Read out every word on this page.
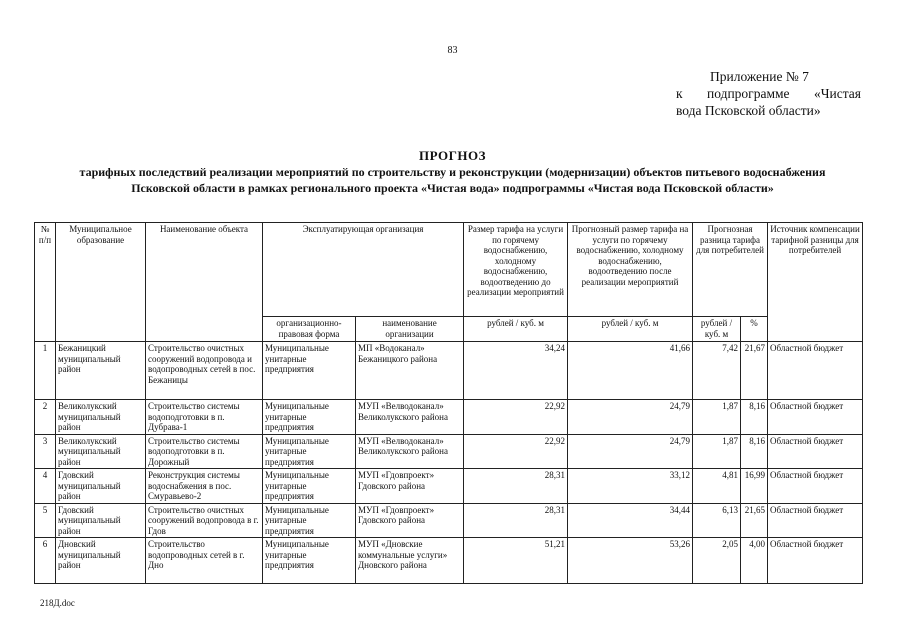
83
Приложение № 7
к подпрограмме «Чистая
вода Псковской области»
ПРОГНОЗ
тарифных последствий реализации мероприятий по строительству и реконструкции (модернизации) объектов питьевого водоснабжения Псковской области в рамках регионального проекта «Чистая вода» подпрограммы «Чистая вода Псковской области»
№ п/п	Муниципальное образование	Наименование объекта	Эксплуатирующая организация		Размер тарифа на услуги по горячему водоснабжению, холодному водоснабжению, водоотведению до реализации мероприятий	Прогнозный размер тарифа на услуги по горячему водоснабжению, холодному водоснабжению, водоотведению после реализации мероприятий	Прогнозная разница тарифа для потребителей		Источник компенсации тарифной разницы для потребителей
			организационно-правовая форма	наименование организации	рублей / куб. м	рублей / куб. м	рублей / куб. м	%	
1	Бежаницкий муниципальный район	Строительство очистных сооружений водопровода и водопроводных сетей в пос. Бежаницы	Муниципальные унитарные предприятия	МП «Водоканал» Бежаницкого района	34,24	41,66	7,42	21,67	Областной бюджет
2	Великолукский муниципальный район	Строительство системы водоподготовки в п. Дубрава-1	Муниципальные унитарные предприятия	МУП «Велводоканал» Великолукского района	22,92	24,79	1,87	8,16	Областной бюджет
3	Великолукский муниципальный район	Строительство системы водоподготовки в п. Дорожный	Муниципальные унитарные предприятия	МУП «Велводоканал» Великолукского района	22,92	24,79	1,87	8,16	Областной бюджет
4	Гдовский муниципальный район	Реконструкция системы водоснабжения в пос. Смуравьево-2	Муниципальные унитарные предприятия	МУП «Гдовпроект» Гдовского района	28,31	33,12	4,81	16,99	Областной бюджет
5	Гдовский муниципальный район	Строительство очистных сооружений водопровода в г. Гдов	Муниципальные унитарные предприятия	МУП «Гдовпроект» Гдовского района	28,31	34,44	6,13	21,65	Областной бюджет
6	Дновский муниципальный район	Строительство водопроводных сетей в г. Дно	Муниципальные унитарные предприятия	МУП «Дновские коммунальные услуги» Дновского района	51,21	53,26	2,05	4,00	Областной бюджет
218Д.doc
